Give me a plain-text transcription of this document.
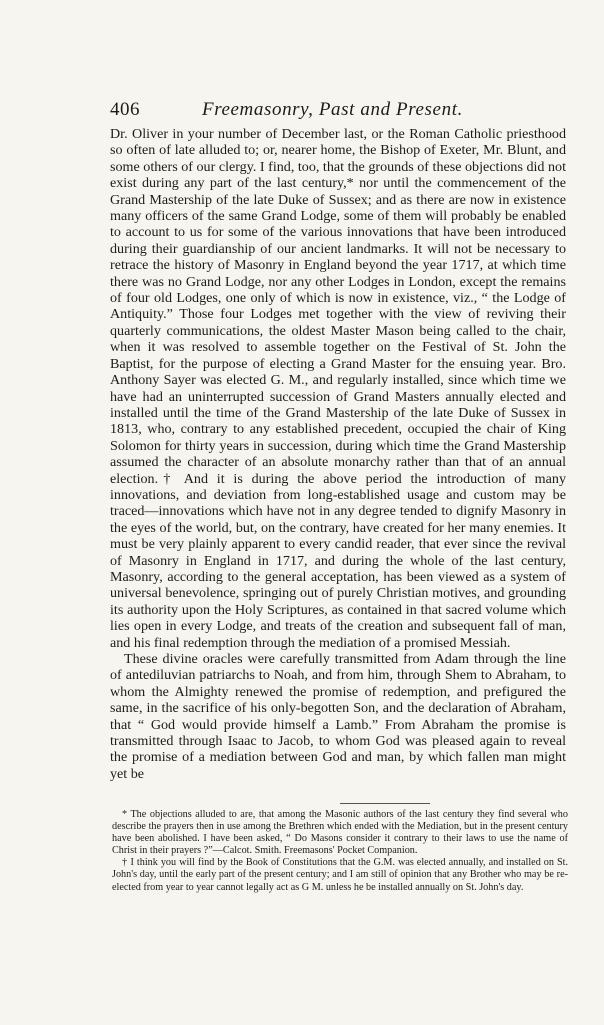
406	Freemasonry, Past and Present.

Dr. Oliver in your number of December last, or the Roman Catholic priesthood so often of late alluded to; or, nearer home, the Bishop of Exeter, Mr. Blunt, and some others of our clergy. I find, too, that the grounds of these objections did not exist during any part of the last century,* nor until the commencement of the Grand Mastership of the late Duke of Sussex; and as there are now in existence many officers of the same Grand Lodge, some of them will probably be enabled to account to us for some of the various innovations that have been introduced during their guardianship of our ancient landmarks. It will not be necessary to retrace the history of Masonry in England beyond the year 1717, at which time there was no Grand Lodge, nor any other Lodges in London, except the remains of four old Lodges, one only of which is now in existence, viz., “ the Lodge of Antiquity.” Those four Lodges met together with the view of reviving their quarterly communications, the oldest Master Mason being called to the chair, when it was resolved to assemble together on the Festival of St. John the Baptist, for the purpose of electing a Grand Master for the ensuing year. Bro. Anthony Sayer was elected G. M., and regularly installed, since which time we have had an uninterrupted succession of Grand Masters annually elected and installed until the time of the Grand Mastership of the late Duke of Sussex in 1813, who, contrary to any established precedent, occupied the chair of King Solomon for thirty years in succession, during which time the Grand Mastership assumed the character of an absolute monarchy rather than that of an annual election.† And it is during the above period the introduction of many innovations, and deviation from long-established usage and custom may be traced—innovations which have not in any degree tended to dignify Masonry in the eyes of the world, but, on the contrary, have created for her many enemies. It must be very plainly apparent to every candid reader, that ever since the revival of Masonry in England in 1717, and during the whole of the last century, Masonry, according to the general acceptation, has been viewed as a system of universal benevolence, springing out of purely Christian motives, and grounding its authority upon the Holy Scriptures, as contained in that sacred volume which lies open in every Lodge, and treats of the creation and subsequent fall of man, and his final redemption through the mediation of a promised Messiah.

These divine oracles were carefully transmitted from Adam through the line of antediluvian patriarchs to Noah, and from him, through Shem to Abraham, to whom the Almighty renewed the promise of redemption, and prefigured the same, in the sacrifice of his only-begotten Son, and the declaration of Abraham, that “ God would provide himself a Lamb.” From Abraham the promise is transmitted through Isaac to Jacob, to whom God was pleased again to reveal the promise of a mediation between God and man, by which fallen man might yet be

* The objections alluded to are, that among the Masonic authors of the last century they find several who describe the prayers then in use among the Brethren which ended with the Mediation, but in the present century have been abolished. I have been asked, “ Do Masons consider it contrary to their laws to use the name of Christ in their prayers ?”—Calcot. Smith. Freemasons' Pocket Companion.

† I think you will find by the Book of Constitutions that the G.M. was elected annually, and installed on St. John's day, until the early part of the present century; and I am still of opinion that any Brother who may be re-elected from year to year cannot legally act as G M. unless he be installed annually on St. John's day.
